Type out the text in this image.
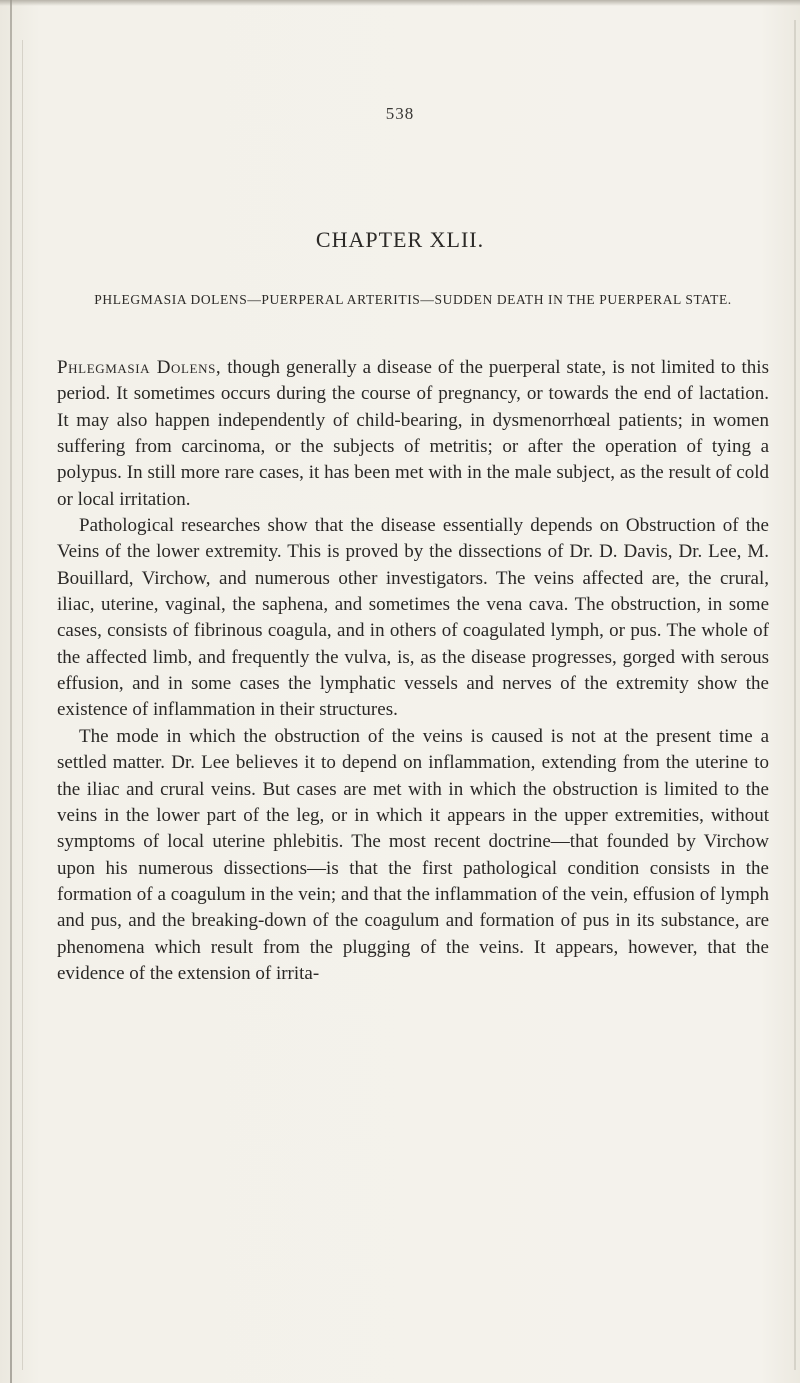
538
CHAPTER XLII.
PHLEGMASIA DOLENS—PUERPERAL ARTERITIS—SUDDEN DEATH IN THE PUERPERAL STATE.

Phlegmasia Dolens, though generally a disease of the puerperal state, is not limited to this period. It sometimes occurs during the course of pregnancy, or towards the end of lactation. It may also happen independently of child-bearing, in dysmenorrhœal patients; in women suffering from carcinoma, or the subjects of metritis; or after the operation of tying a polypus. In still more rare cases, it has been met with in the male subject, as the result of cold or local irritation.

Pathological researches show that the disease essentially depends on Obstruction of the Veins of the lower extremity. This is proved by the dissections of Dr. D. Davis, Dr. Lee, M. Bouillard, Virchow, and numerous other investigators. The veins affected are, the crural, iliac, uterine, vaginal, the saphena, and sometimes the vena cava. The obstruction, in some cases, consists of fibrinous coagula, and in others of coagulated lymph, or pus. The whole of the affected limb, and frequently the vulva, is, as the disease progresses, gorged with serous effusion, and in some cases the lymphatic vessels and nerves of the extremity show the existence of inflammation in their structures.

The mode in which the obstruction of the veins is caused is not at the present time a settled matter. Dr. Lee believes it to depend on inflammation, extending from the uterine to the iliac and crural veins. But cases are met with in which the obstruction is limited to the veins in the lower part of the leg, or in which it appears in the upper extremities, without symptoms of local uterine phlebitis. The most recent doctrine—that founded by Virchow upon his numerous dissections—is that the first pathological condition consists in the formation of a coagulum in the vein; and that the inflammation of the vein, effusion of lymph and pus, and the breaking-down of the coagulum and formation of pus in its substance, are phenomena which result from the plugging of the veins. It appears, however, that the evidence of the extension of irrita-
